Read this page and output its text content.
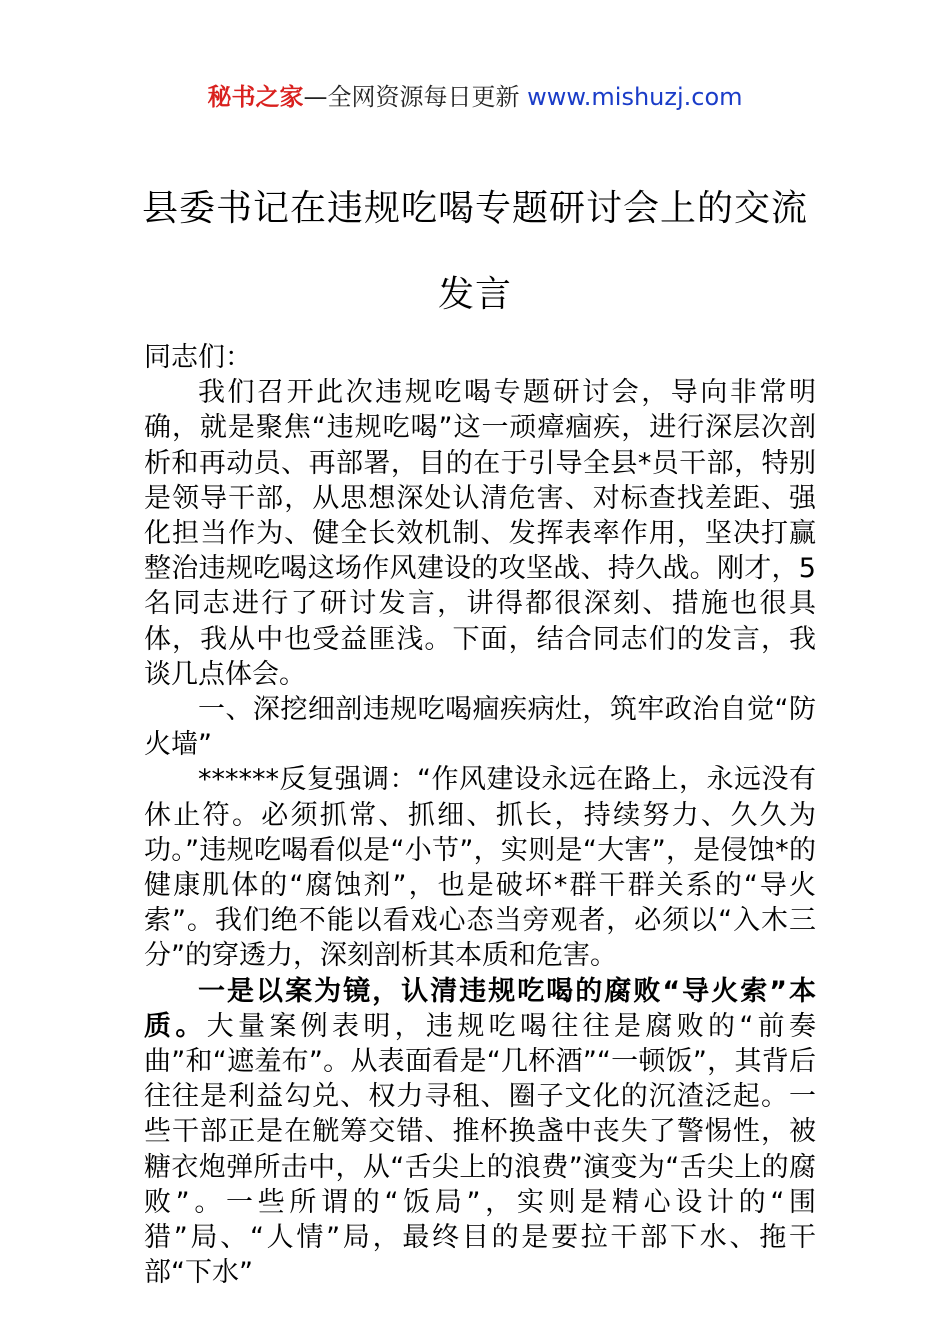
秘书之家—全网资源每日更新 www.mishuzj.com
县委书记在违规吃喝专题研讨会上的交流
发言

同志们：

我们召开此次违规吃喝专题研讨会，导向非常明确，就是聚焦“违规吃喝”这一顽瘴痼疾，进行深层次剖析和再动员、再部署，目的在于引导全县*员干部，特别是领导干部，从思想深处认清危害、对标查找差距、强化担当作为、健全长效机制、发挥表率作用，坚决打赢整治违规吃喝这场作风建设的攻坚战、持久战。刚才，5名同志进行了研讨发言，讲得都很深刻、措施也很具体，我从中也受益匪浅。下面，结合同志们的发言，我谈几点体会。

一、深挖细剖违规吃喝痼疾病灶，筑牢政治自觉“防火墙”

******反复强调：“作风建设永远在路上，永远没有休止符。必须抓常、抓细、抓长，持续努力、久久为功。”违规吃喝看似是“小节”，实则是“大害”，是侵蚀*的健康肌体的“腐蚀剂”，也是破坏*群干群关系的“导火索”。我们绝不能以看戏心态当旁观者，必须以“入木三分”的穿透力，深刻剖析其本质和危害。

一是以案为镜，认清违规吃喝的腐败“导火索”本质。大量案例表明，违规吃喝往往是腐败的“前奏曲”和“遮羞布”。从表面看是“几杯酒”“一顿饭”，其背后往往是利益勾兑、权力寻租、圈子文化的沉渣泛起。一些干部正是在觥筹交错、推杯换盏中丧失了警惕性，被糖衣炮弹所击中，从“舌尖上的浪费”演变为“舌尖上的腐败”。一些所谓的“饭局”，实则是精心设计的“围猎”局、“人情”局，最终目的是要拉干部下水、拖干部“下水”
